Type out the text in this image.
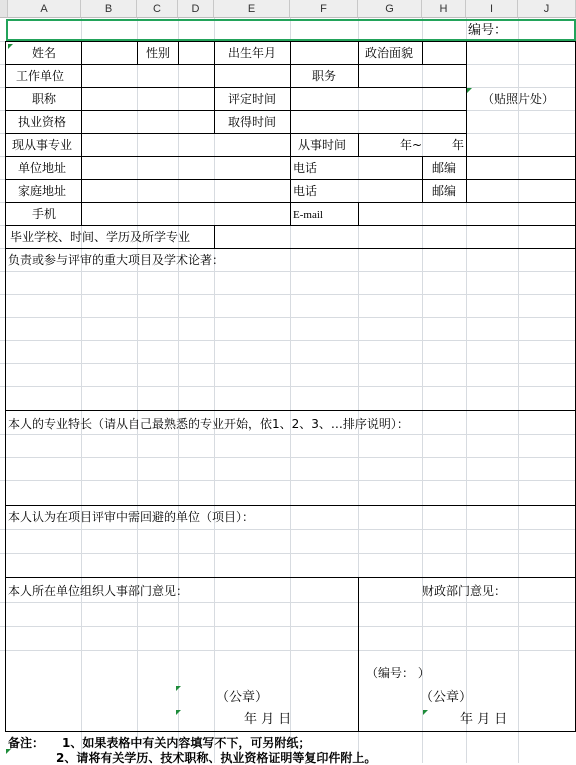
A	B	C	D	E	F	G	H	I	J
编号：
姓名	性别	出生年月	政治面貌
工作单位	职务
职称	评定时间	（贴照片处）
执业资格	取得时间
现从事专业	从事时间	年~ 年
单位地址	电话	邮编
家庭地址	电话	邮编
手机	E-mail
毕业学校、时间、学历及所学专业
负责或参与评审的重大项目及学术论著：
本人的专业特长（请从自己最熟悉的专业开始，依1、2、3、…排序说明）：
本人认为在项目评审中需回避的单位（项目）：
本人所在单位组织人事部门意见：	财政部门意见：
（编号： ）
（公章）	（公章）
年 月 日	年 月 日
备注： 1、如果表格中有关内容填写不下，可另附纸；
2、请将有关学历、技术职称、执业资格证明等复印件附上。
